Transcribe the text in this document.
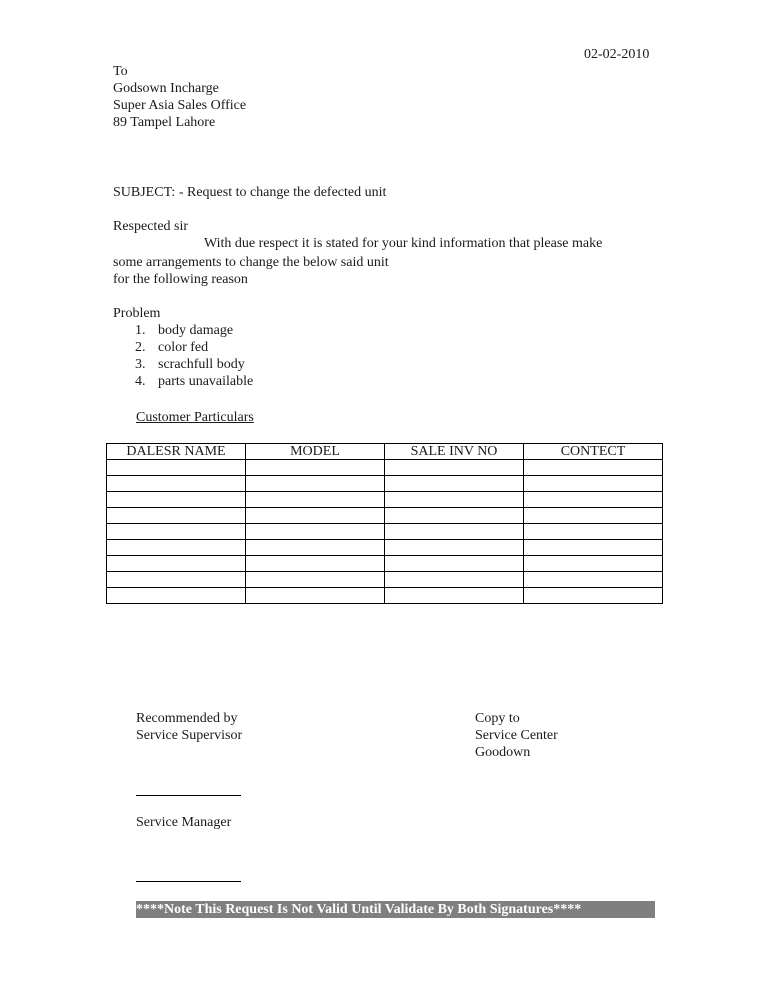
02-02-2010
To
Godsown Incharge
Super Asia Sales Office
89 Tampel Lahore
SUBJECT: - Request to change the defected unit
Respected sir
With due respect it is stated for your kind information that please make
some arrangements to change the below said unit
for the following reason
Problem
1. body damage
2. color fed
3. scrachfull body
4. parts unavailable
Customer Particulars
DALESR NAME	MODEL	SALE INV NO	CONTECT

Recommended by
Service Supervisor
Copy to
Service Center
Goodown
Service Manager
****Note This Request Is Not Valid Until Validate By Both Signatures****
